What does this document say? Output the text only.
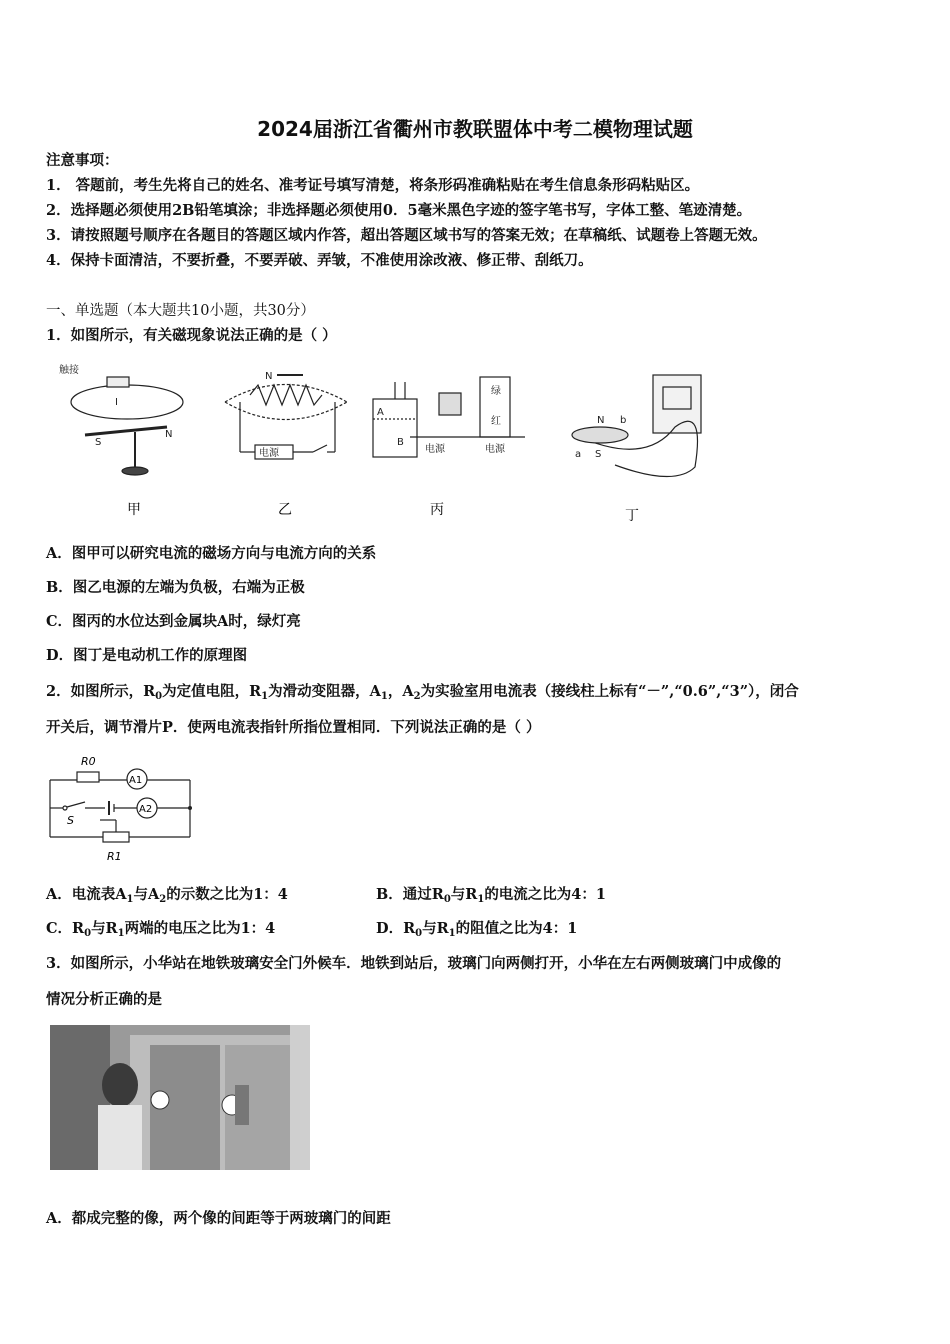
2024届浙江省衢州市教联盟体中考二模物理试题
注意事项：
1． 答题前，考生先将自己的姓名、准考证号填写清楚，将条形码准确粘贴在考生信息条形码粘贴区。
2．选择题必须使用2B铅笔填涂；非选择题必须使用0．5毫米黑色字迹的签字笔书写，字体工整、笔迹清楚。
3．请按照题号顺序在各题目的答题区域内作答，超出答题区域书写的答案无效；在草稿纸、试题卷上答题无效。
4．保持卡面清洁，不要折叠，不要弄破、弄皱，不准使用涂改液、修正带、刮纸刀。
一、单选题（本大题共10小题，共30分）
1．如图所示，有关磁现象说法正确的是（ ）
触接
I
S
N
甲
N
电源
乙
A
B
绿
红
电源	电源
丙
N b
a S
丁
A．图甲可以研究电流的磁场方向与电流方向的关系
B．图乙电源的左端为负极，右端为正极
C．图丙的水位达到金属块A时，绿灯亮
D．图丁是电动机工作的原理图
2．如图所示，$R_0$为定值电阻，$R_1$为滑动变阻器，$A_1$，$A_2$为实验室用电流表（接线柱上标有“－”,“0.6”,“3”），闭合
开关后，调节滑片P．使两电流表指针所指位置相同．下列说法正确的是（ ）
R0
A1
A2
S
R1
A．电流表$A_1$与$A_2$的示数之比为1：4	B．通过$R_0$与$R_1$的电流之比为4：1
C．$R_0$与$R_1$两端的电压之比为1：4	D．$R_0$与$R_1$的阻值之比为4：1
3．如图所示，小华站在地铁玻璃安全门外候车．地铁到站后，玻璃门向两侧打开，小华在左右两侧玻璃门中成像的
情况分析正确的是
A．都成完整的像，两个像的间距等于两玻璃门的间距
